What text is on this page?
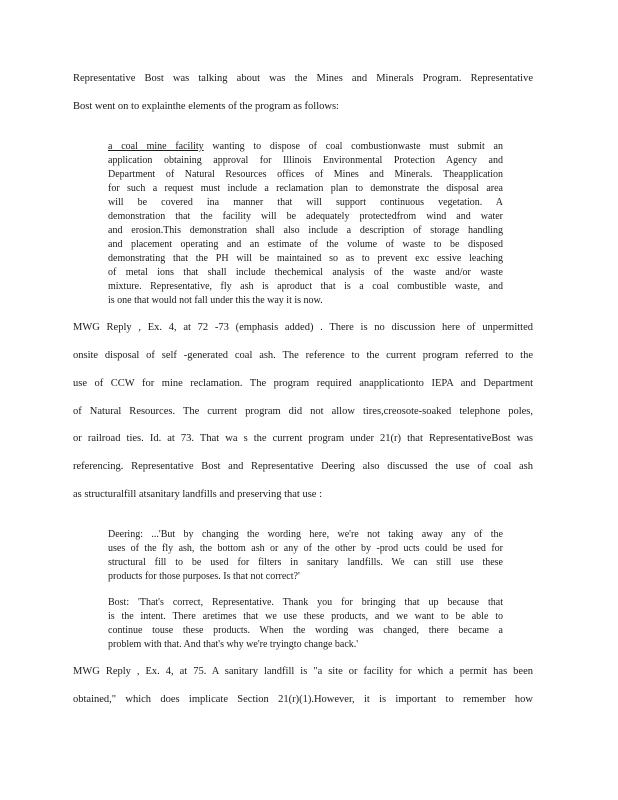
Representative Bost was talking about was the Mines and Minerals Program. Representative
Bost went on to explainthe elements of the program as follows:
a coal mine facility wanting to dispose of coal combustionwaste must submit an
application obtaining approval for Illinois Environmental Protection Agency and
Department of Natural Resources offices of Mines and Minerals. Theapplication
for such a request must include a reclamation plan to demonstrate the disposal area
will be covered ina manner that will support continuous vegetation. A
demonstration that the facility will be adequately protectedfrom wind and water
and erosion.This demonstration shall also include a description of storage handling
and placement operating and an estimate of the volume of waste to be disposed
demonstrating that the PH will be maintained so as to prevent exc essive leaching
of metal ions that shall include thechemical analysis of the waste and/or waste
mixture. Representative, fly ash is aproduct that is a coal combustible waste, and
is one that would not fall under this the way it is now.
MWG Reply , Ex. 4, at 72 -73 (emphasis added) . There is no discussion here of unpermitted
onsite disposal of self -generated coal ash. The reference to the current program referred to the
use of CCW for mine reclamation. The program required anapplicationto IEPA and Department
of Natural Resources. The current program did not allow tires,creosote-soaked telephone poles,
or railroad ties. Id. at 73. That wa s the current program under 21(r) that RepresentativeBost was
referencing. Representative Bost and Representative Deering also discussed the use of coal ash
as structuralfill atsanitary landfills and preserving that use :
Deering: ...'But by changing the wording here, we're not taking away any of the
uses of the fly ash, the bottom ash or any of the other by -prod ucts could be used for
structural fill to be used for filters in sanitary landfills. We can still use these
products for those purposes. Is that not correct?'
Bost: 'That's correct, Representative. Thank you for bringing that up because that
is the intent. There aretimes that we use these products, and we want to be able to
continue touse these products. When the wording was changed, there became a
problem with that. And that's why we're tryingto change back.'
MWG Reply , Ex. 4, at 75. A sanitary landfill is "a site or facility for which a permit has been
obtained," which does implicate Section 21(r)(1).However, it is important to remember how
